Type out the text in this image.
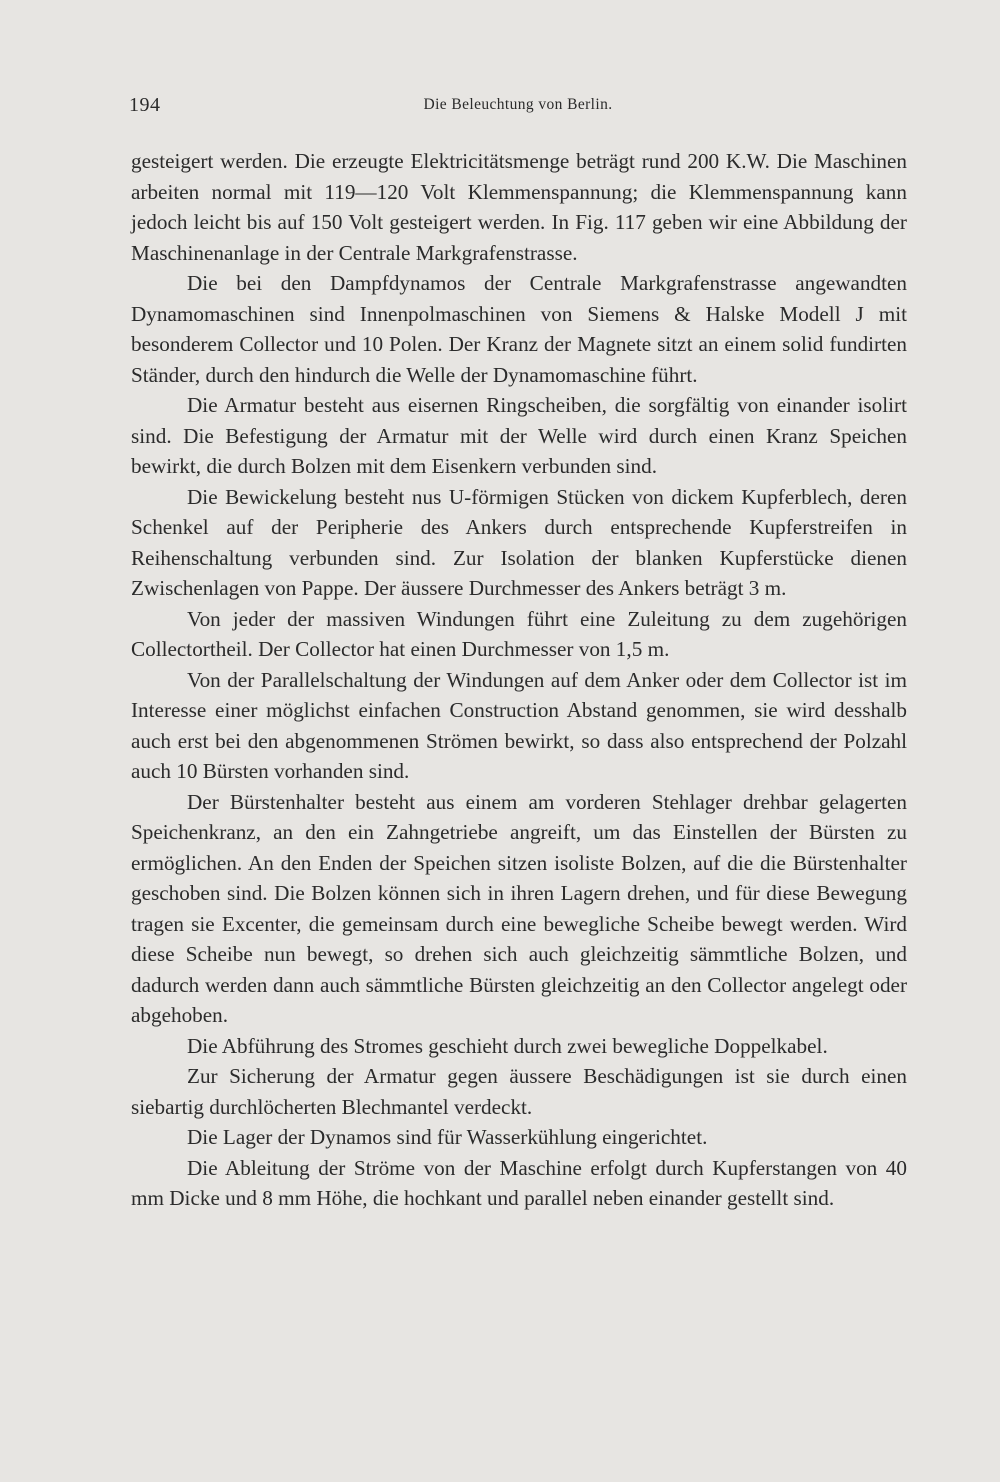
194	Die Beleuchtung von Berlin.

gesteigert werden. Die erzeugte Elektricitätsmenge beträgt rund 200 K.W. Die Maschinen arbeiten normal mit 119—120 Volt Klemmenspannung; die Klemmenspannung kann jedoch leicht bis auf 150 Volt gesteigert werden. In Fig. 117 geben wir eine Abbildung der Maschinenanlage in der Centrale Markgrafenstrasse.

Die bei den Dampfdynamos der Centrale Markgrafenstrasse angewandten Dynamomaschinen sind Innenpolmaschinen von Siemens & Halske Modell J mit besonderem Collector und 10 Polen. Der Kranz der Magnete sitzt an einem solid fundirten Ständer, durch den hindurch die Welle der Dynamomaschine führt.

Die Armatur besteht aus eisernen Ringscheiben, die sorgfältig von einander isolirt sind. Die Befestigung der Armatur mit der Welle wird durch einen Kranz Speichen bewirkt, die durch Bolzen mit dem Eisenkern verbunden sind.

Die Bewickelung besteht nus U-förmigen Stücken von dickem Kupferblech, deren Schenkel auf der Peripherie des Ankers durch entsprechende Kupferstreifen in Reihenschaltung verbunden sind. Zur Isolation der blanken Kupferstücke dienen Zwischenlagen von Pappe. Der äussere Durchmesser des Ankers beträgt 3 m.

Von jeder der massiven Windungen führt eine Zuleitung zu dem zugehörigen Collectortheil. Der Collector hat einen Durchmesser von 1,5 m.

Von der Parallelschaltung der Windungen auf dem Anker oder dem Collector ist im Interesse einer möglichst einfachen Construction Abstand genommen, sie wird desshalb auch erst bei den abgenommenen Strömen bewirkt, so dass also entsprechend der Polzahl auch 10 Bürsten vorhanden sind.

Der Bürstenhalter besteht aus einem am vorderen Stehlager drehbar gelagerten Speichenkranz, an den ein Zahngetriebe angreift, um das Einstellen der Bürsten zu ermöglichen. An den Enden der Speichen sitzen isoliste Bolzen, auf die die Bürstenhalter geschoben sind. Die Bolzen können sich in ihren Lagern drehen, und für diese Bewegung tragen sie Excenter, die gemeinsam durch eine bewegliche Scheibe bewegt werden. Wird diese Scheibe nun bewegt, so drehen sich auch gleichzeitig sämmtliche Bolzen, und dadurch werden dann auch sämmtliche Bürsten gleichzeitig an den Collector angelegt oder abgehoben.

Die Abführung des Stromes geschieht durch zwei bewegliche Doppelkabel.

Zur Sicherung der Armatur gegen äussere Beschädigungen ist sie durch einen siebartig durchlöcherten Blechmantel verdeckt.

Die Lager der Dynamos sind für Wasserkühlung eingerichtet.

Die Ableitung der Ströme von der Maschine erfolgt durch Kupferstangen von 40 mm Dicke und 8 mm Höhe, die hochkant und parallel neben einander gestellt sind.
